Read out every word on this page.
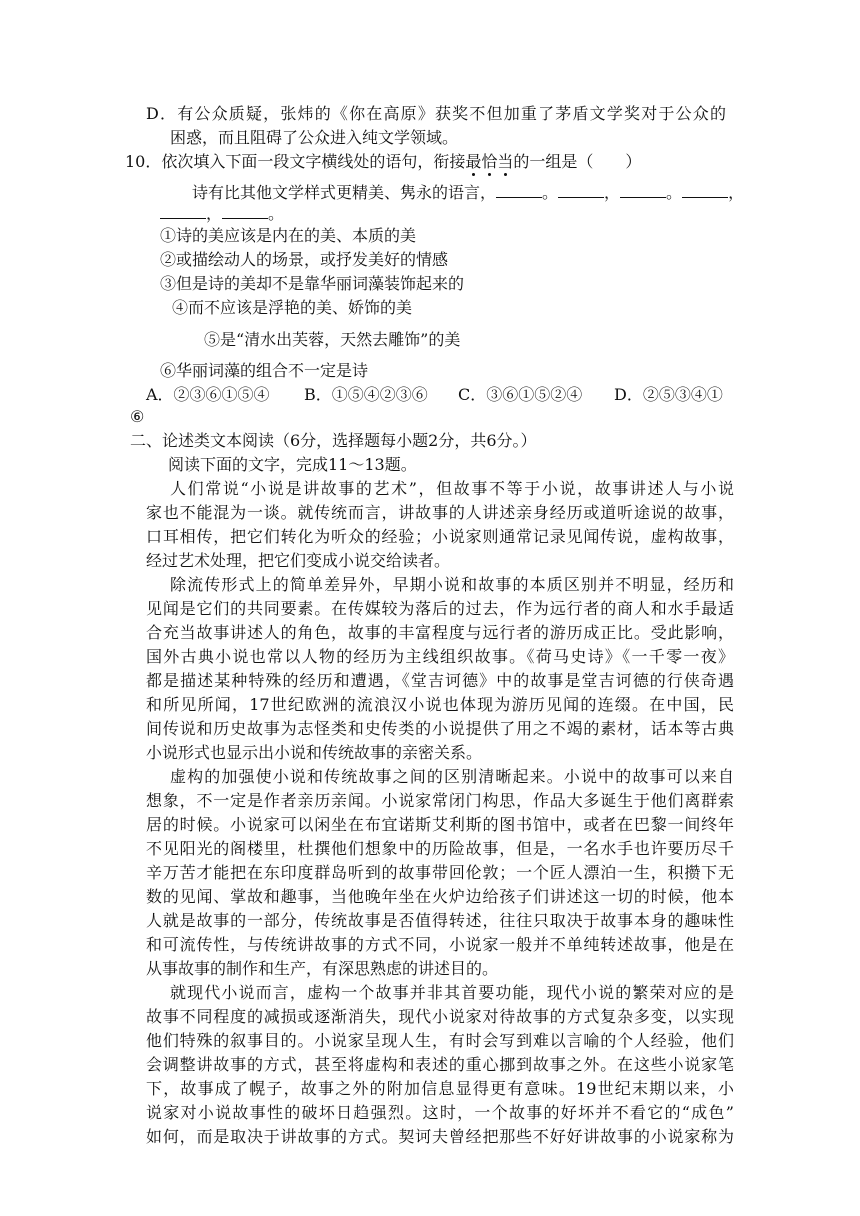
D．有公众质疑，张炜的《你在高原》获奖不但加重了茅盾文学奖对于公众的
困惑，而且阻碍了公众进入纯文学领域。
10．依次填入下面一段文字横线处的语句，衔接最恰当的一组是（　　）
诗有比其他文学样式更精美、隽永的语言，	。	，	。	，
，	。
①诗的美应该是内在的美、本质的美
②或描绘动人的场景，或抒发美好的情感
③但是诗的美却不是靠华丽词藻装饰起来的
④而不应该是浮艳的美、娇饰的美
⑤是“清水出芙蓉，天然去雕饰”的美
⑥华丽词藻的组合不一定是诗
A．②③⑥①⑤④ B．①⑤④②③⑥ C．③⑥①⑤②④ D．②⑤③④①
⑥
二、论述类文本阅读（6分，选择题每小题2分，共6分。）
阅读下面的文字，完成11～13题。
人们常说“小说是讲故事的艺术”，但故事不等于小说，故事讲述人与小说
家也不能混为一谈。就传统而言，讲故事的人讲述亲身经历或道听途说的故事，
口耳相传，把它们转化为听众的经验；小说家则通常记录见闻传说，虚构故事，
经过艺术处理，把它们变成小说交给读者。
除流传形式上的简单差异外，早期小说和故事的本质区别并不明显，经历和
见闻是它们的共同要素。在传媒较为落后的过去，作为远行者的商人和水手最适
合充当故事讲述人的角色，故事的丰富程度与远行者的游历成正比。受此影响，
国外古典小说也常以人物的经历为主线组织故事。《荷马史诗》《一千零一夜》
都是描述某种特殊的经历和遭遇，《堂吉诃德》中的故事是堂吉诃德的行侠奇遇
和所见所闻，17世纪欧洲的流浪汉小说也体现为游历见闻的连缀。在中国，民
间传说和历史故事为志怪类和史传类的小说提供了用之不竭的素材，话本等古典
小说形式也显示出小说和传统故事的亲密关系。
虚构的加强使小说和传统故事之间的区别清晰起来。小说中的故事可以来自
想象，不一定是作者亲历亲闻。小说家常闭门构思，作品大多诞生于他们离群索
居的时候。小说家可以闲坐在布宜诺斯艾利斯的图书馆中，或者在巴黎一间终年
不见阳光的阁楼里，杜撰他们想象中的历险故事，但是，一名水手也许要历尽千
辛万苦才能把在东印度群岛听到的故事带回伦敦；一个匠人漂泊一生，积攒下无
数的见闻、掌故和趣事，当他晚年坐在火炉边给孩子们讲述这一切的时候，他本
人就是故事的一部分，传统故事是否值得转述，往往只取决于故事本身的趣味性
和可流传性，与传统讲故事的方式不同，小说家一般并不单纯转述故事，他是在
从事故事的制作和生产，有深思熟虑的讲述目的。
就现代小说而言，虚构一个故事并非其首要功能，现代小说的繁荣对应的是
故事不同程度的减损或逐渐消失，现代小说家对待故事的方式复杂多变，以实现
他们特殊的叙事目的。小说家呈现人生，有时会写到难以言喻的个人经验，他们
会调整讲故事的方式，甚至将虚构和表述的重心挪到故事之外。在这些小说家笔
下，故事成了幌子，故事之外的附加信息显得更有意味。19世纪末期以来，小
说家对小说故事性的破坏日趋强烈。这时，一个故事的好坏并不看它的“成色”
如何，而是取决于讲故事的方式。契诃夫曾经把那些不好好讲故事的小说家称为
